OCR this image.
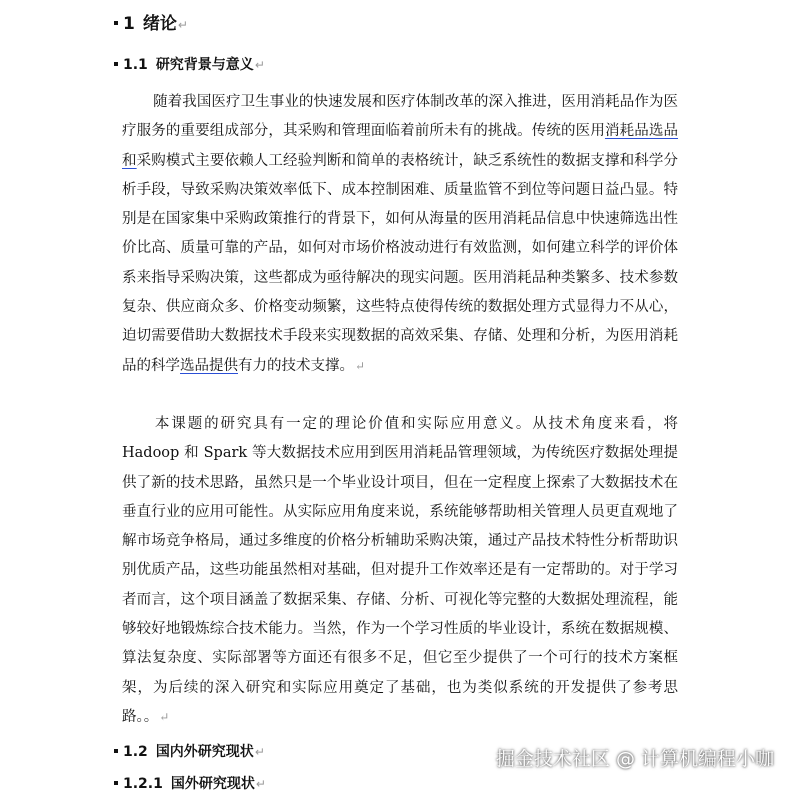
1 绪论↵
1.1 研究背景与意义↵

随着我国医疗卫生事业的快速发展和医疗体制改革的深入推进，医用消耗品作为医疗服务的重要组成部分，其采购和管理面临着前所未有的挑战。传统的医用消耗品选品和采购模式主要依赖人工经验判断和简单的表格统计，缺乏系统性的数据支撑和科学分析手段，导致采购决策效率低下、成本控制困难、质量监管不到位等问题日益凸显。特别是在国家集中采购政策推行的背景下，如何从海量的医用消耗品信息中快速筛选出性价比高、质量可靠的产品，如何对市场价格波动进行有效监测，如何建立科学的评价体系来指导采购决策，这些都成为亟待解决的现实问题。医用消耗品种类繁多、技术参数复杂、供应商众多、价格变动频繁，这些特点使得传统的数据处理方式显得力不从心，迫切需要借助大数据技术手段来实现数据的高效采集、存储、处理和分析，为医用消耗品的科学选品提供有力的技术支撑。↵

本课题的研究具有一定的理论价值和实际应用意义。从技术角度来看，将 Hadoop 和 Spark 等大数据技术应用到医用消耗品管理领域，为传统医疗数据处理提供了新的技术思路，虽然只是一个毕业设计项目，但在一定程度上探索了大数据技术在垂直行业的应用可能性。从实际应用角度来说，系统能够帮助相关管理人员更直观地了解市场竞争格局，通过多维度的价格分析辅助采购决策，通过产品技术特性分析帮助识别优质产品，这些功能虽然相对基础，但对提升工作效率还是有一定帮助的。对于学习者而言，这个项目涵盖了数据采集、存储、分析、可视化等完整的大数据处理流程，能够较好地锻炼综合技术能力。当然，作为一个学习性质的毕业设计，系统在数据规模、算法复杂度、实际部署等方面还有很多不足，但它至少提供了一个可行的技术方案框架，为后续的深入研究和实际应用奠定了基础，也为类似系统的开发提供了参考思路。。↵

1.2 国内外研究现状↵
1.2.1 国外研究现状↵
掘金技术社区 @ 计算机编程小咖
